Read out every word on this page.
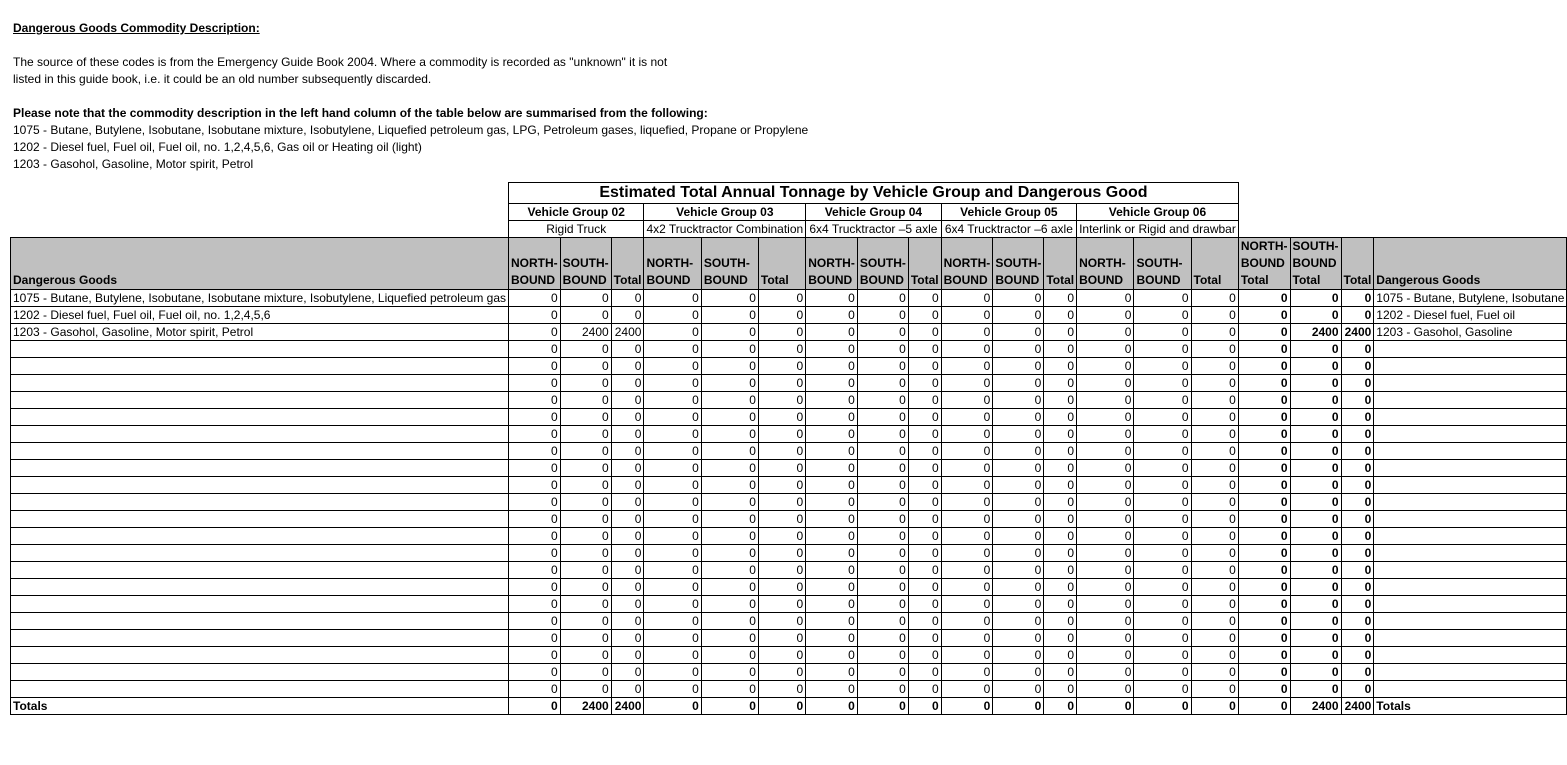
Dangerous Goods Commodity Description:

The source of these codes is from the Emergency Guide Book 2004. Where a commodity is recorded as "unknown" it is not

listed in this guide book, i.e. it could be an old number subsequently discarded.

Please note that the commodity description in the left hand column of the table below are summarised from the following:

1075 - Butane, Butylene, Isobutane, Isobutane mixture, Isobutylene, Liquefied petroleum gas, LPG, Petroleum gases, liquefied, Propane or Propylene

1202 - Diesel fuel, Fuel oil, Fuel oil, no. 1,2,4,5,6, Gas oil or Heating oil (light)

1203 - Gasohol, Gasoline, Motor spirit, Petrol

	Estimated Total Annual Tonnage by Vehicle Group and Dangerous Good																		
	Vehicle Group 02			Vehicle Group 03			Vehicle Group 04			Vehicle Group 05			Vehicle Group 06						
	Rigid Truck			4x2 Trucktractor Combination			6x4 Trucktractor –5 axle			6x4 Trucktractor –6 axle			Interlink or Rigid and drawbar						
Dangerous Goods	NORTH-BOUND	SOUTH-BOUND	Total	NORTH-BOUND	SOUTH-BOUND	Total	NORTH-BOUND	SOUTH-BOUND	Total	NORTH-BOUND	SOUTH-BOUND	Total	NORTH-BOUND	SOUTH-BOUND	Total	NORTH-BOUND Total	SOUTH-BOUND Total	Total	Dangerous Goods
1075 - Butane, Butylene, Isobutane, Isobutane mixture, Isobutylene, Liquefied petroleum gas	0	0	0	0	0	0	0	0	0	0	0	0	0	0	0	0	0	0	1075 - Butane, Butylene, Isobutane
1202 - Diesel fuel, Fuel oil, Fuel oil, no. 1,2,4,5,6	0	0	0	0	0	0	0	0	0	0	0	0	0	0	0	0	0	0	1202 - Diesel fuel, Fuel oil
1203 - Gasohol, Gasoline, Motor spirit, Petrol	0	2400	2400	0	0	0	0	0	0	0	0	0	0	0	0	0	2400	2400	1203 - Gasohol, Gasoline
	0	0	0	0	0	0	0	0	0	0	0	0	0	0	0	0	0	0	
	0	0	0	0	0	0	0	0	0	0	0	0	0	0	0	0	0	0	
	0	0	0	0	0	0	0	0	0	0	0	0	0	0	0	0	0	0	
	0	0	0	0	0	0	0	0	0	0	0	0	0	0	0	0	0	0	
	0	0	0	0	0	0	0	0	0	0	0	0	0	0	0	0	0	0	
	0	0	0	0	0	0	0	0	0	0	0	0	0	0	0	0	0	0	
	0	0	0	0	0	0	0	0	0	0	0	0	0	0	0	0	0	0	
	0	0	0	0	0	0	0	0	0	0	0	0	0	0	0	0	0	0	
	0	0	0	0	0	0	0	0	0	0	0	0	0	0	0	0	0	0	
	0	0	0	0	0	0	0	0	0	0	0	0	0	0	0	0	0	0	
	0	0	0	0	0	0	0	0	0	0	0	0	0	0	0	0	0	0	
	0	0	0	0	0	0	0	0	0	0	0	0	0	0	0	0	0	0	
	0	0	0	0	0	0	0	0	0	0	0	0	0	0	0	0	0	0	
	0	0	0	0	0	0	0	0	0	0	0	0	0	0	0	0	0	0	
	0	0	0	0	0	0	0	0	0	0	0	0	0	0	0	0	0	0	
	0	0	0	0	0	0	0	0	0	0	0	0	0	0	0	0	0	0	
	0	0	0	0	0	0	0	0	0	0	0	0	0	0	0	0	0	0	
	0	0	0	0	0	0	0	0	0	0	0	0	0	0	0	0	0	0	
	0	0	0	0	0	0	0	0	0	0	0	0	0	0	0	0	0	0	
	0	0	0	0	0	0	0	0	0	0	0	0	0	0	0	0	0	0	
	0	0	0	0	0	0	0	0	0	0	0	0	0	0	0	0	0	0	
Totals	0	2400	2400	0	0	0	0	0	0	0	0	0	0	0	0	0	2400	2400	Totals
